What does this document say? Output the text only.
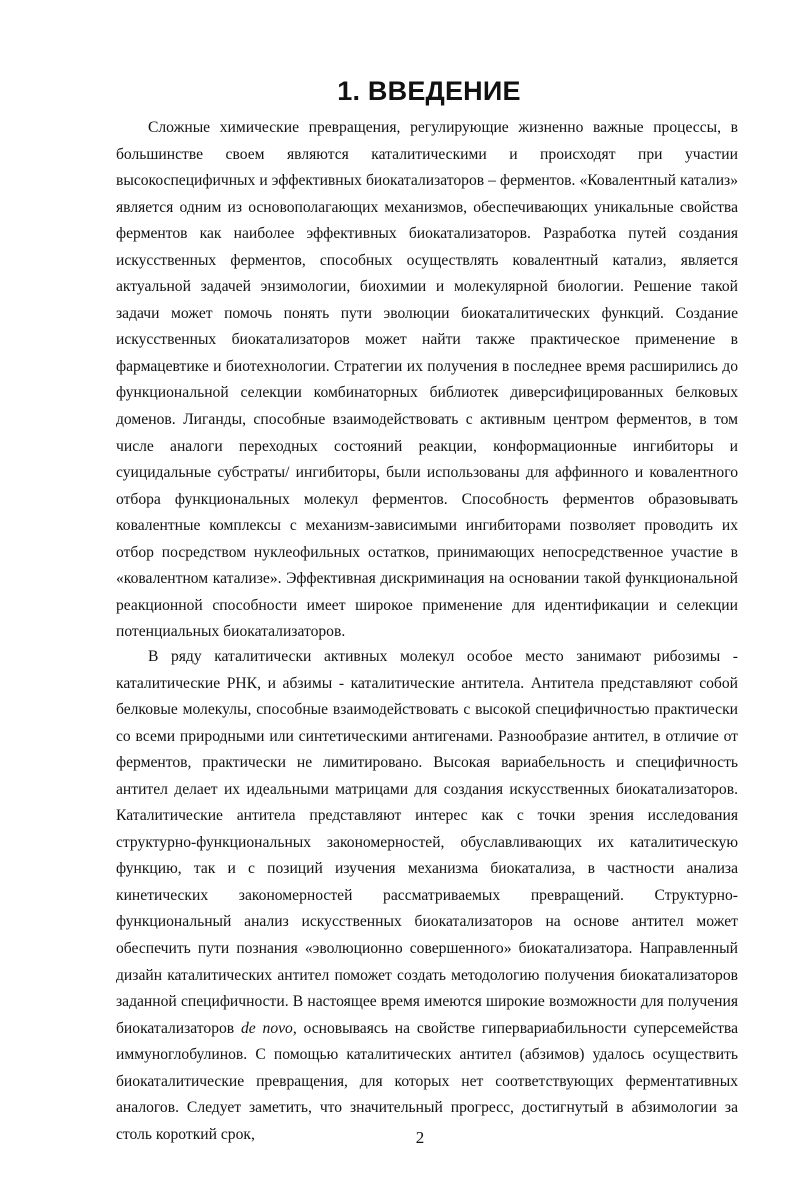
1. ВВЕДЕНИЕ

Сложные химические превращения, регулирующие жизненно важные процессы, в большинстве своем являются каталитическими и происходят при участии высокоспецифичных и эффективных биокатализаторов – ферментов. «Ковалентный катализ» является одним из основополагающих механизмов, обеспечивающих уникальные свойства ферментов как наиболее эффективных биокатализаторов. Разработка путей создания искусственных ферментов, способных осуществлять ковалентный катализ, является актуальной задачей энзимологии, биохимии и молекулярной биологии. Решение такой задачи может помочь понять пути эволюции биокаталитических функций. Создание искусственных биокатализаторов может найти также практическое применение в фармацевтике и биотехнологии. Стратегии их получения в последнее время расширились до функциональной селекции комбинаторных библиотек диверсифицированных белковых доменов. Лиганды, способные взаимодействовать с активным центром ферментов, в том числе аналоги переходных состояний реакции, конформационные ингибиторы и суицидальные субстраты/ ингибиторы, были использованы для аффинного и ковалентного отбора функциональных молекул ферментов. Способность ферментов образовывать ковалентные комплексы с механизм-зависимыми ингибиторами позволяет проводить их отбор посредством нуклеофильных остатков, принимающих непосредственное участие в «ковалентном катализе». Эффективная дискриминация на основании такой функциональной реакционной способности имеет широкое применение для идентификации и селекции потенциальных биокатализаторов.

В ряду каталитически активных молекул особое место занимают рибозимы - каталитические РНК, и абзимы - каталитические антитела. Антитела представляют собой белковые молекулы, способные взаимодействовать с высокой специфичностью практически со всеми природными или синтетическими антигенами. Разнообразие антител, в отличие от ферментов, практически не лимитировано. Высокая вариабельность и специфичность антител делает их идеальными матрицами для создания искусственных биокатализаторов. Каталитические антитела представляют интерес как с точки зрения исследования структурно-функциональных закономерностей, обуславливающих их каталитическую функцию, так и с позиций изучения механизма биокатализа, в частности анализа кинетических закономерностей рассматриваемых превращений. Структурно-функциональный анализ искусственных биокатализаторов на основе антител может обеспечить пути познания «эволюционно совершенного» биокатализатора. Направленный дизайн каталитических антител поможет создать методологию получения биокатализаторов заданной специфичности. В настоящее время имеются широкие возможности для получения биокатализаторов de novo, основываясь на свойстве гипервариабильности суперсемейства иммуноглобулинов. С помощью каталитических антител (абзимов) удалось осуществить биокаталитические превращения, для которых нет соответствующих ферментативных аналогов. Следует заметить, что значительный прогресс, достигнутый в абзимологии за столь короткий срок,	2
